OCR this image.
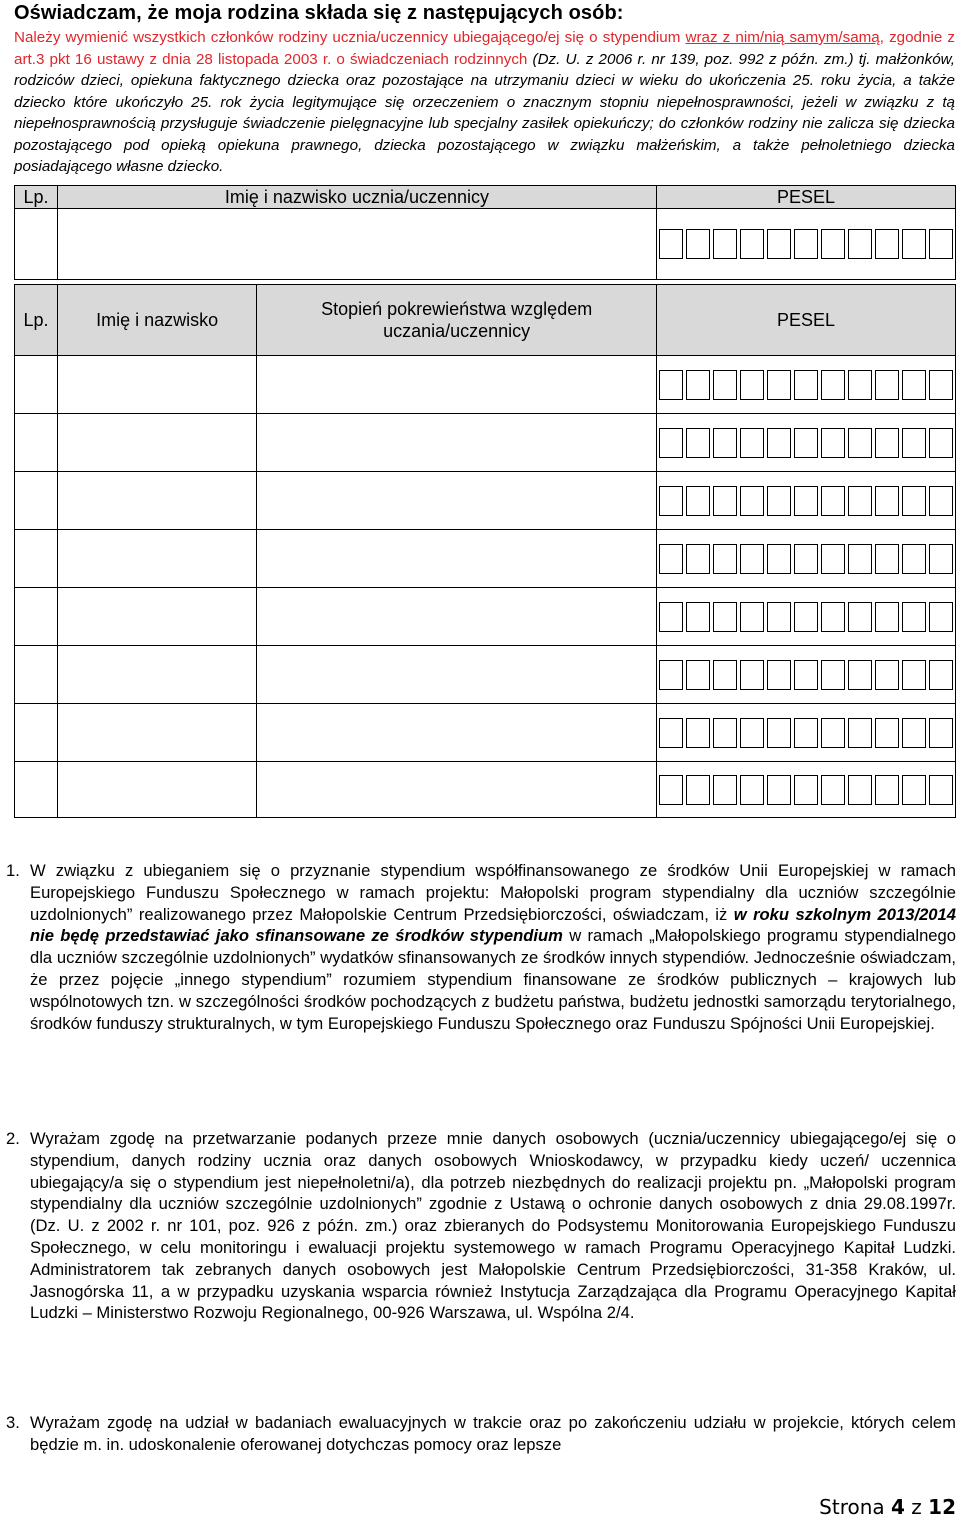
Oświadczam, że moja rodzina składa się z następujących osób:

Należy wymienić wszystkich członków rodziny ucznia/uczennicy ubiegającego/ej się o stypendium wraz z nim/nią samym/samą, zgodnie z art.3 pkt 16 ustawy z dnia 28 listopada 2003 r. o świadczeniach rodzinnych (Dz. U. z 2006 r. nr 139, poz. 992 z późn. zm.) tj. małżonków, rodziców dzieci, opiekuna faktycznego dziecka oraz pozostające na utrzymaniu dzieci w wieku do ukończenia 25. roku życia, a także dziecko które ukończyło 25. rok życia legitymujące się orzeczeniem o znacznym stopniu niepełnosprawności, jeżeli w związku z tą niepełnosprawnością przysługuje świadczenie pielęgnacyjne lub specjalny zasiłek opiekuńczy; do członków rodziny nie zalicza się dziecka pozostającego pod opieką opiekuna prawnego, dziecka pozostającego w związku małżeńskim, a także pełnoletniego dziecka posiadającego własne dziecko.

Lp.	Imię i nazwisko ucznia/uczennicy	PESEL

Lp.	Imię i nazwisko	Stopień pokrewieństwa względem uczania/uczennicy	PESEL

1. W związku z ubieganiem się o przyznanie stypendium współfinansowanego ze środków Unii Europejskiej w ramach Europejskiego Funduszu Społecznego w ramach projektu: Małopolski program stypendialny dla uczniów szczególnie uzdolnionych” realizowanego przez Małopolskie Centrum Przedsiębiorczości, oświadczam, iż w roku szkolnym 2013/2014 nie będę przedstawiać jako sfinansowane ze środków stypendium w ramach „Małopolskiego programu stypendialnego dla uczniów szczególnie uzdolnionych” wydatków sfinansowanych ze środków innych stypendiów. Jednocześnie oświadczam, że przez pojęcie „innego stypendium” rozumiem stypendium finansowane ze środków publicznych – krajowych lub wspólnotowych tzn. w szczególności środków pochodzących z budżetu państwa, budżetu jednostki samorządu terytorialnego, środków funduszy strukturalnych, w tym Europejskiego Funduszu Społecznego oraz Funduszu Spójności Unii Europejskiej.

2. Wyrażam zgodę na przetwarzanie podanych przeze mnie danych osobowych (ucznia/uczennicy ubiegającego/ej się o stypendium, danych rodziny ucznia oraz danych osobowych Wnioskodawcy, w przypadku kiedy uczeń/ uczennica ubiegający/a się o stypendium jest niepełnoletni/a), dla potrzeb niezbędnych do realizacji projektu pn. „Małopolski program stypendialny dla uczniów szczególnie uzdolnionych” zgodnie z Ustawą o ochronie danych osobowych z dnia 29.08.1997r. (Dz. U. z 2002 r. nr 101, poz. 926 z późn. zm.) oraz zbieranych do Podsystemu Monitorowania Europejskiego Funduszu Społecznego, w celu monitoringu i ewaluacji projektu systemowego w ramach Programu Operacyjnego Kapitał Ludzki. Administratorem tak zebranych danych osobowych jest Małopolskie Centrum Przedsiębiorczości, 31-358 Kraków, ul. Jasnogórska 11, a w przypadku uzyskania wsparcia również Instytucja Zarządzająca dla Programu Operacyjnego Kapitał Ludzki – Ministerstwo Rozwoju Regionalnego, 00-926 Warszawa, ul. Wspólna 2/4.

3. Wyrażam zgodę na udział w badaniach ewaluacyjnych w trakcie oraz po zakończeniu udziału w projekcie, których celem będzie m. in. udoskonalenie oferowanej dotychczas pomocy oraz lepsze

Strona 4 z 12
